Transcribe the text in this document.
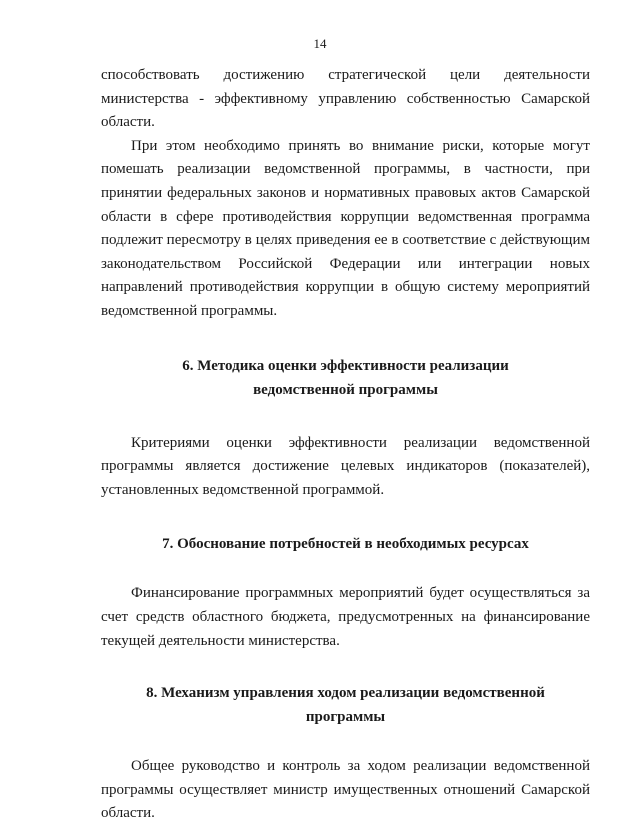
14

способствовать достижению стратегической цели деятельности министерства - эффективному управлению собственностью Самарской области.

При этом необходимо принять во внимание риски, которые могут помешать реализации ведомственной программы, в частности, при принятии федеральных законов и нормативных правовых актов Самарской области в сфере противодействия коррупции ведомственная программа подлежит пересмотру в целях приведения ее в соответствие с действующим законодательством Российской Федерации или интеграции новых направлений противодействия коррупции в общую систему мероприятий ведомственной программы.

6. Методика оценки эффективности реализации
ведомственной программы

Критериями оценки эффективности реализации ведомственной программы является достижение целевых индикаторов (показателей), установленных ведомственной программой.

7. Обоснование потребностей в необходимых ресурсах

Финансирование программных мероприятий будет осуществляться за счет средств областного бюджета, предусмотренных на финансирование текущей деятельности министерства.

8. Механизм управления ходом реализации ведомственной
программы

Общее руководство и контроль за ходом реализации ведомственной программы осуществляет министр имущественных отношений Самарской области.
